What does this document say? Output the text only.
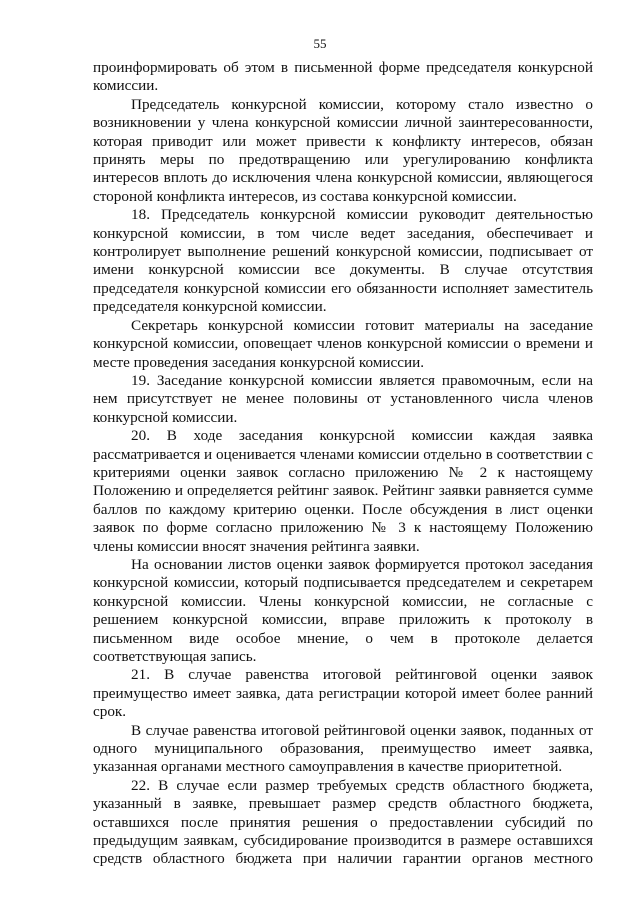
55

проинформировать об этом в письменной форме председателя конкурсной комиссии.

Председатель конкурсной комиссии, которому стало известно о возникновении у члена конкурсной комиссии личной заинтересованности, которая приводит или может привести к конфликту интересов, обязан принять меры по предотвращению или урегулированию конфликта интересов вплоть до исключения члена конкурсной комиссии, являющегося стороной конфликта интересов, из состава конкурсной комиссии.

18. Председатель конкурсной комиссии руководит деятельностью конкурсной комиссии, в том числе ведет заседания, обеспечивает и контролирует выполнение решений конкурсной комиссии, подписывает от имени конкурсной комиссии все документы. В случае отсутствия председателя конкурсной комиссии его обязанности исполняет заместитель председателя конкурсной комиссии.

Секретарь конкурсной комиссии готовит материалы на заседание конкурсной комиссии, оповещает членов конкурсной комиссии о времени и месте проведения заседания конкурсной комиссии.

19. Заседание конкурсной комиссии является правомочным, если на нем присутствует не менее половины от установленного числа членов конкурсной комиссии.

20. В ходе заседания конкурсной комиссии каждая заявка рассматривается и оценивается членами комиссии отдельно в соответствии с критериями оценки заявок согласно приложению № 2 к настоящему Положению и определяется рейтинг заявок. Рейтинг заявки равняется сумме баллов по каждому критерию оценки. После обсуждения в лист оценки заявок по форме согласно приложению № 3 к настоящему Положению члены комиссии вносят значения рейтинга заявки.

На основании листов оценки заявок формируется протокол заседания конкурсной комиссии, который подписывается председателем и секретарем конкурсной комиссии. Члены конкурсной комиссии, не согласные с решением конкурсной комиссии, вправе приложить к протоколу в письменном виде особое мнение, о чем в протоколе делается соответствующая запись.

21. В случае равенства итоговой рейтинговой оценки заявок преимущество имеет заявка, дата регистрации которой имеет более ранний срок.

В случае равенства итоговой рейтинговой оценки заявок, поданных от одного муниципального образования, преимущество имеет заявка, указанная органами местного самоуправления в качестве приоритетной.

22. В случае если размер требуемых средств областного бюджета, указанный в заявке, превышает размер средств областного бюджета, оставшихся после принятия решения о предоставлении субсидий по предыдущим заявкам, субсидирование производится в размере оставшихся средств областного бюджета при наличии гарантии органов местного
